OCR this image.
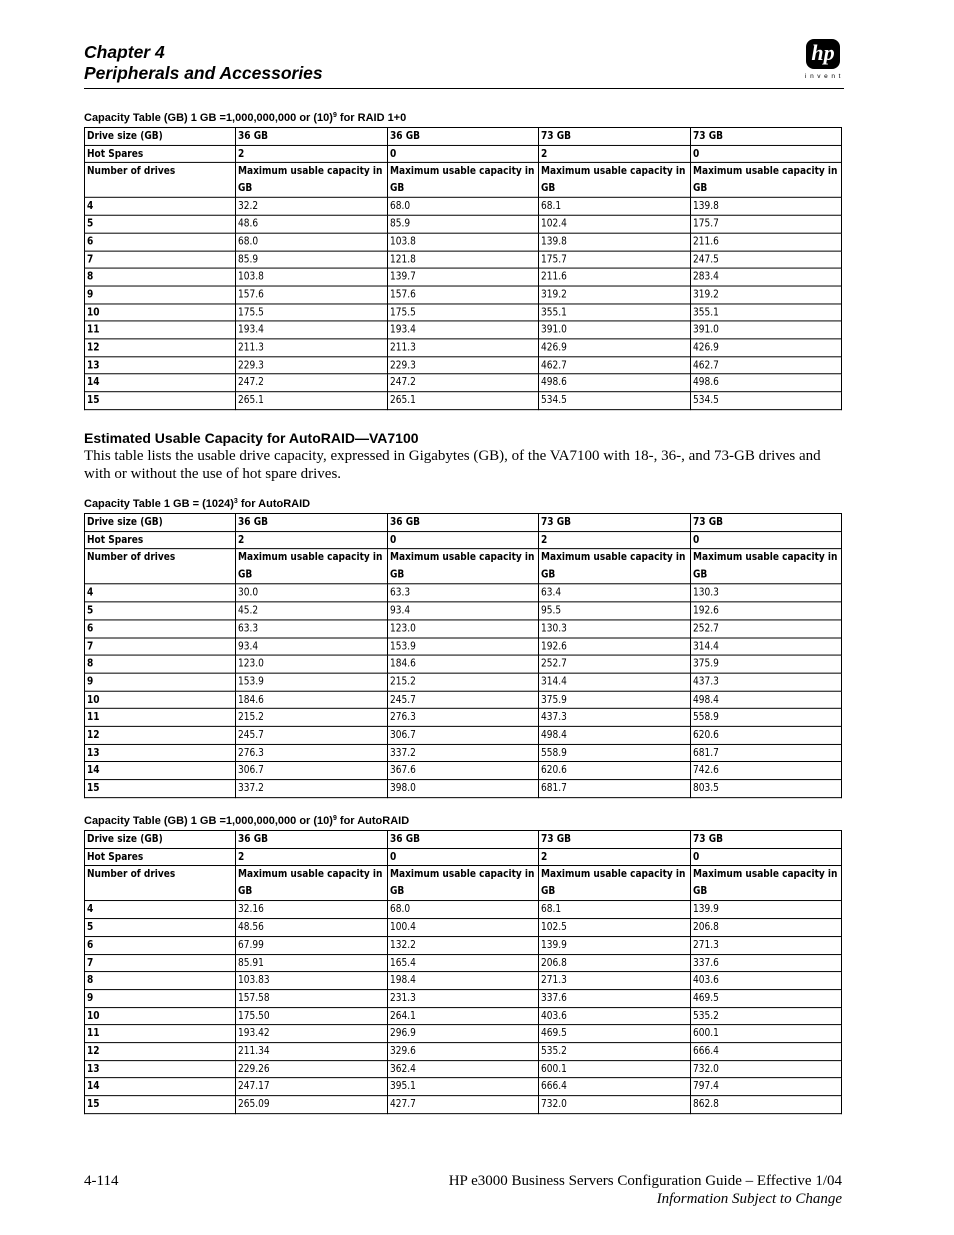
Chapter 4
Peripherals and Accessories
hp
invent
Capacity Table (GB) 1 GB =1,000,000,000 or $(10)^9$ for RAID 1+0
Drive size (GB)	36 GB	36 GB	73 GB	73 GB
Hot Spares	2	0	2	0
Number of drives	Maximum usable capacity in GB	Maximum usable capacity in GB	Maximum usable capacity in GB	Maximum usable capacity in GB
4	32.2	68.0	68.1	139.8
5	48.6	85.9	102.4	175.7
6	68.0	103.8	139.8	211.6
7	85.9	121.8	175.7	247.5
8	103.8	139.7	211.6	283.4
9	157.6	157.6	319.2	319.2
10	175.5	175.5	355.1	355.1
11	193.4	193.4	391.0	391.0
12	211.3	211.3	426.9	426.9
13	229.3	229.3	462.7	462.7
14	247.2	247.2	498.6	498.6
15	265.1	265.1	534.5	534.5
Estimated Usable Capacity for AutoRAID—VA7100
This table lists the usable drive capacity, expressed in Gigabytes (GB), of the VA7100 with 18-, 36-, and 73-GB drives and with or without the use of hot spare drives.
Capacity Table 1 GB = $(1024)^3$ for AutoRAID
Drive size (GB)	36 GB	36 GB	73 GB	73 GB
Hot Spares	2	0	2	0
Number of drives	Maximum usable capacity in GB	Maximum usable capacity in GB	Maximum usable capacity in GB	Maximum usable capacity in GB
4	30.0	63.3	63.4	130.3
5	45.2	93.4	95.5	192.6
6	63.3	123.0	130.3	252.7
7	93.4	153.9	192.6	314.4
8	123.0	184.6	252.7	375.9
9	153.9	215.2	314.4	437.3
10	184.6	245.7	375.9	498.4
11	215.2	276.3	437.3	558.9
12	245.7	306.7	498.4	620.6
13	276.3	337.2	558.9	681.7
14	306.7	367.6	620.6	742.6
15	337.2	398.0	681.7	803.5
Capacity Table (GB) 1 GB =1,000,000,000 or $(10)^9$ for AutoRAID
Drive size (GB)	36 GB	36 GB	73 GB	73 GB
Hot Spares	2	0	2	0
Number of drives	Maximum usable capacity in GB	Maximum usable capacity in GB	Maximum usable capacity in GB	Maximum usable capacity in GB
4	32.16	68.0	68.1	139.9
5	48.56	100.4	102.5	206.8
6	67.99	132.2	139.9	271.3
7	85.91	165.4	206.8	337.6
8	103.83	198.4	271.3	403.6
9	157.58	231.3	337.6	469.5
10	175.50	264.1	403.6	535.2
11	193.42	296.9	469.5	600.1
12	211.34	329.6	535.2	666.4
13	229.26	362.4	600.1	732.0
14	247.17	395.1	666.4	797.4
15	265.09	427.7	732.0	862.8
4-114	HP e3000 Business Servers Configuration Guide – Effective 1/04
Information Subject to Change
